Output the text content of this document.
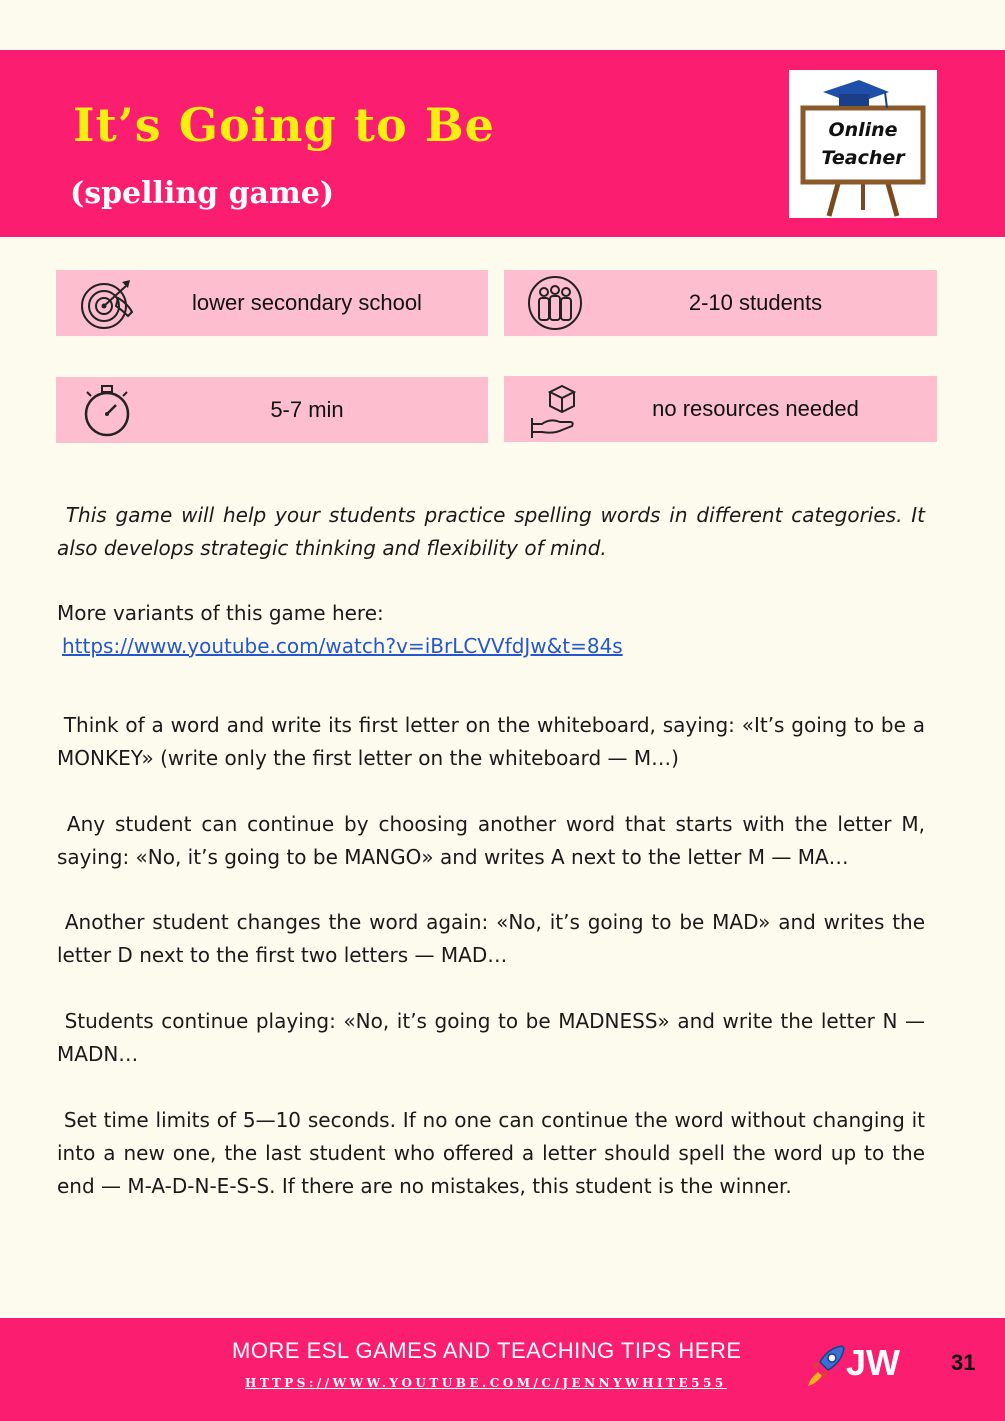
It’s Going to Be
(spelling game)
Online
Teacher
lower secondary school	2-10 students
5-7 min	no resources needed
This game will help your students practice spelling words in different categories. It also develops strategic thinking and flexibility of mind.
More variants of this game here:
https://www.youtube.com/watch?v=iBrLCVVfdJw&t=84s
Think of a word and write its first letter on the whiteboard, saying: «It’s going to be a MONKEY» (write only the first letter on the whiteboard — M…)
Any student can continue by choosing another word that starts with the letter M, saying: «No, it’s going to be MANGO» and writes A next to the letter M — MA…
Another student changes the word again: «No, it’s going to be MAD» and writes the letter D next to the first two letters — MAD…
Students continue playing: «No, it’s going to be MADNESS» and write the letter N — MADN…
Set time limits of 5—10 seconds. If no one can continue the word without changing it into a new one, the last student who offered a letter should spell the word up to the end — M-A-D-N-E-S-S. If there are no mistakes, this student is the winner.
MORE ESL GAMES AND TEACHING TIPS HERE
HTTPS://WWW.YOUTUBE.COM/C/JENNYWHITE555	JW 31
